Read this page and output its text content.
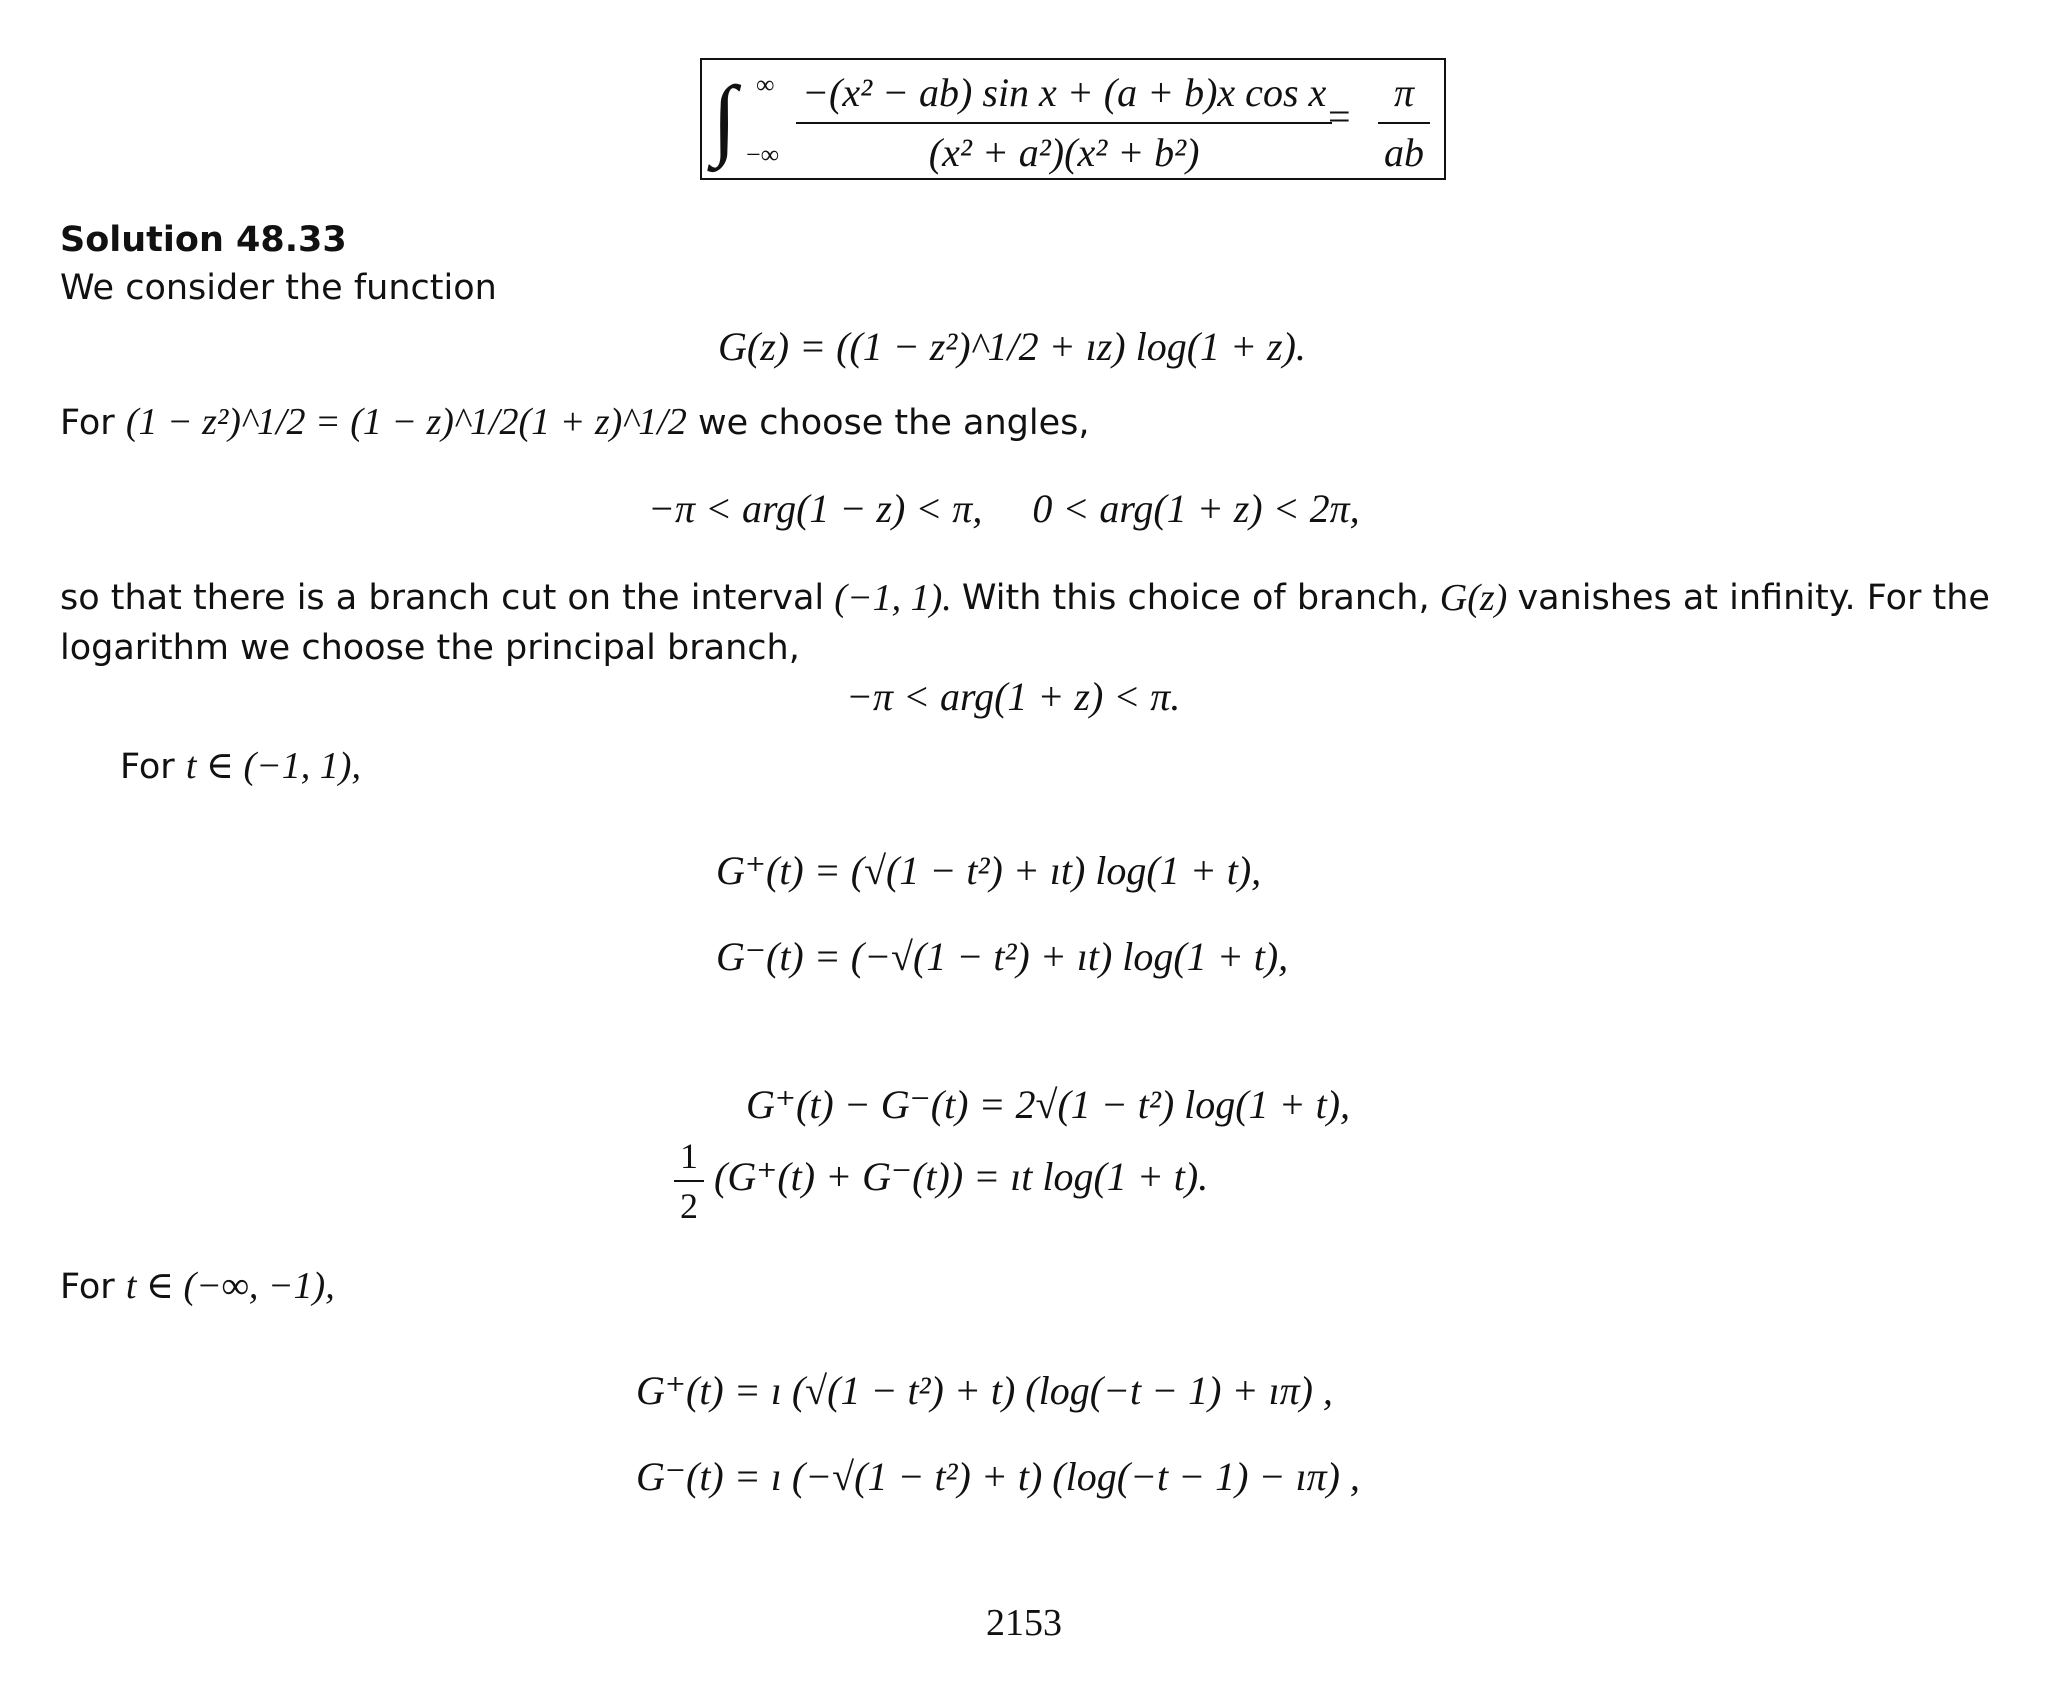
∫ ∞
−∞ $\frac{\text{−(x² − ab) sin x + (a + b)x cos x}}{\text{(x² + a²)(x² + b²)}}$
= $\frac{\pi}{ab}$
Solution 48.33
We consider the function
G(z) = ((1 − z²)^1/2 + ız) log(1 + z).
For (1 − z²)^1/2 = (1 − z)^1/2(1 + z)^1/2 we choose the angles,
−π < arg(1 − z) < π,     0 < arg(1 + z) < 2π,
so that there is a branch cut on the interval (−1, 1). With this choice of branch, G(z) vanishes at infinity. For the
logarithm we choose the principal branch,
−π < arg(1 + z) < π.
For t ∈ (−1, 1),
G⁺(t) = (√(1 − t²) + ıt) log(1 + t),
G⁻(t) = (−√(1 − t²) + ıt) log(1 + t),
G⁺(t) − G⁻(t) = 2√(1 − t²) log(1 + t),
$\frac{1}{2} (G^+(t) + G^-(t))$ = ıt log(1 + t).
For t ∈ (−∞, −1),
G⁺(t) = ı (√(1 − t²) + t) (log(−t − 1) + ıπ) ,
G⁻(t) = ı (−√(1 − t²) + t) (log(−t − 1) − ıπ) ,
2153
